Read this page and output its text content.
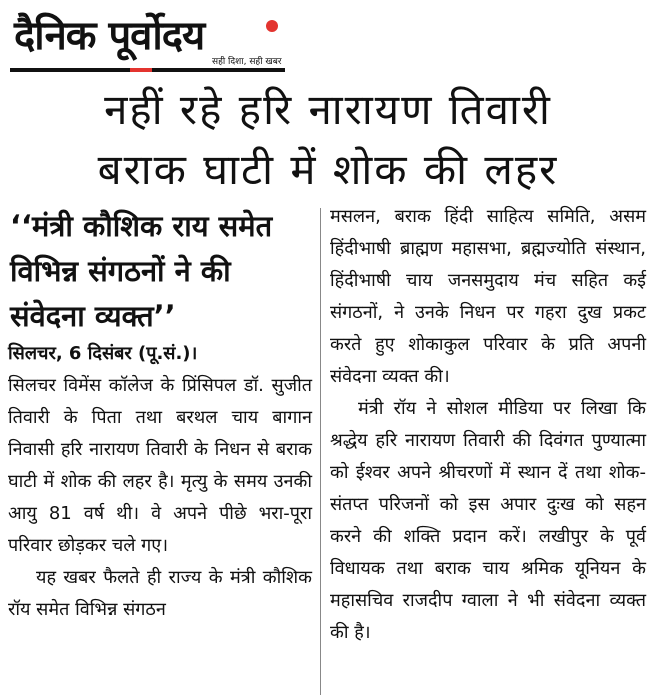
दैनिक पूर्वोदय
सही दिशा, सही खबर
नहीं रहे हरि नारायण तिवारी
बराक घाटी में शोक की लहर
‘‘मंत्री कौशिक राय समेत विभिन्न संगठनों ने की संवेदना व्यक्त’’

सिलचर, 6 दिसंबर (पू.सं.)।

सिलचर विमेंस कॉलेज के प्रिंसिपल डॉ. सुजीत तिवारी के पिता तथा बरथल चाय बागान निवासी हरि नारायण तिवारी के निधन से बराक घाटी में शोक की लहर है। मृत्यु के समय उनकी आयु 81 वर्ष थी। वे अपने पीछे भरा-पूरा परिवार छोड़कर चले गए।

यह खबर फैलते ही राज्य के मंत्री कौशिक रॉय समेत विभिन्न संगठन

मसलन, बराक हिंदी साहित्य समिति, असम हिंदीभाषी ब्राह्मण महासभा, ब्रह्मज्योति संस्थान, हिंदीभाषी चाय जनसमुदाय मंच सहित कई संगठनों, ने उनके निधन पर गहरा दुख प्रकट करते हुए शोकाकुल परिवार के प्रति अपनी संवेदना व्यक्त की।

मंत्री रॉय ने सोशल मीडिया पर लिखा कि श्रद्धेय हरि नारायण तिवारी की दिवंगत पुण्यात्मा को ईश्वर अपने श्रीचरणों में स्थान दें तथा शोक-संतप्त परिजनों को इस अपार दुःख को सहन करने की शक्ति प्रदान करें। लखीपुर के पूर्व विधायक तथा बराक चाय श्रमिक यूनियन के महासचिव राजदीप ग्वाला ने भी संवेदना व्यक्त की है।
